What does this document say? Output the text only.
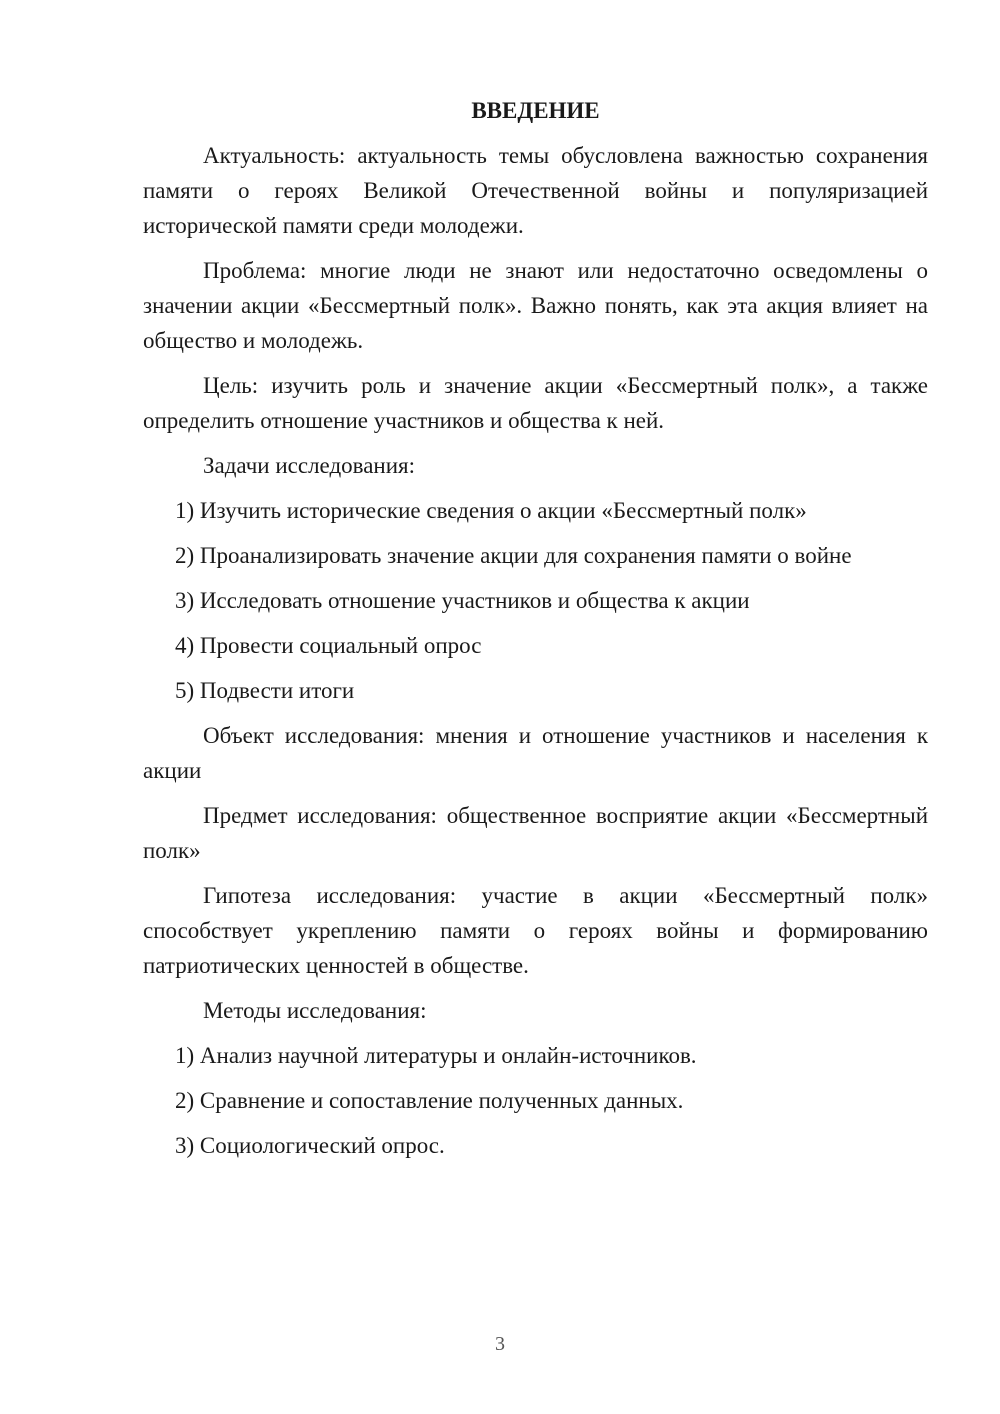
ВВЕДЕНИЕ
Актуальность: актуальность темы обусловлена важностью сохранения памяти о героях Великой Отечественной войны и популяризацией исторической памяти среди молодежи.
Проблема: многие люди не знают или недостаточно осведомлены о значении акции «Бессмертный полк». Важно понять, как эта акция влияет на общество и молодежь.
Цель: изучить роль и значение акции «Бессмертный полк», а также определить отношение участников и общества к ней.
Задачи исследования:
1) Изучить исторические сведения о акции «Бессмертный полк»
2) Проанализировать значение акции для сохранения памяти о войне
3) Исследовать отношение участников и общества к акции
4) Провести социальный опрос
5) Подвести итоги
Объект исследования: мнения и отношение участников и населения к акции
Предмет исследования: общественное восприятие акции «Бессмертный полк»
Гипотеза исследования: участие в акции «Бессмертный полк» способствует укреплению памяти о героях войны и формированию патриотических ценностей в обществе.
Методы исследования:
1) Анализ научной литературы и онлайн-источников.
2) Сравнение и сопоставление полученных данных.
3) Социологический опрос.
3
